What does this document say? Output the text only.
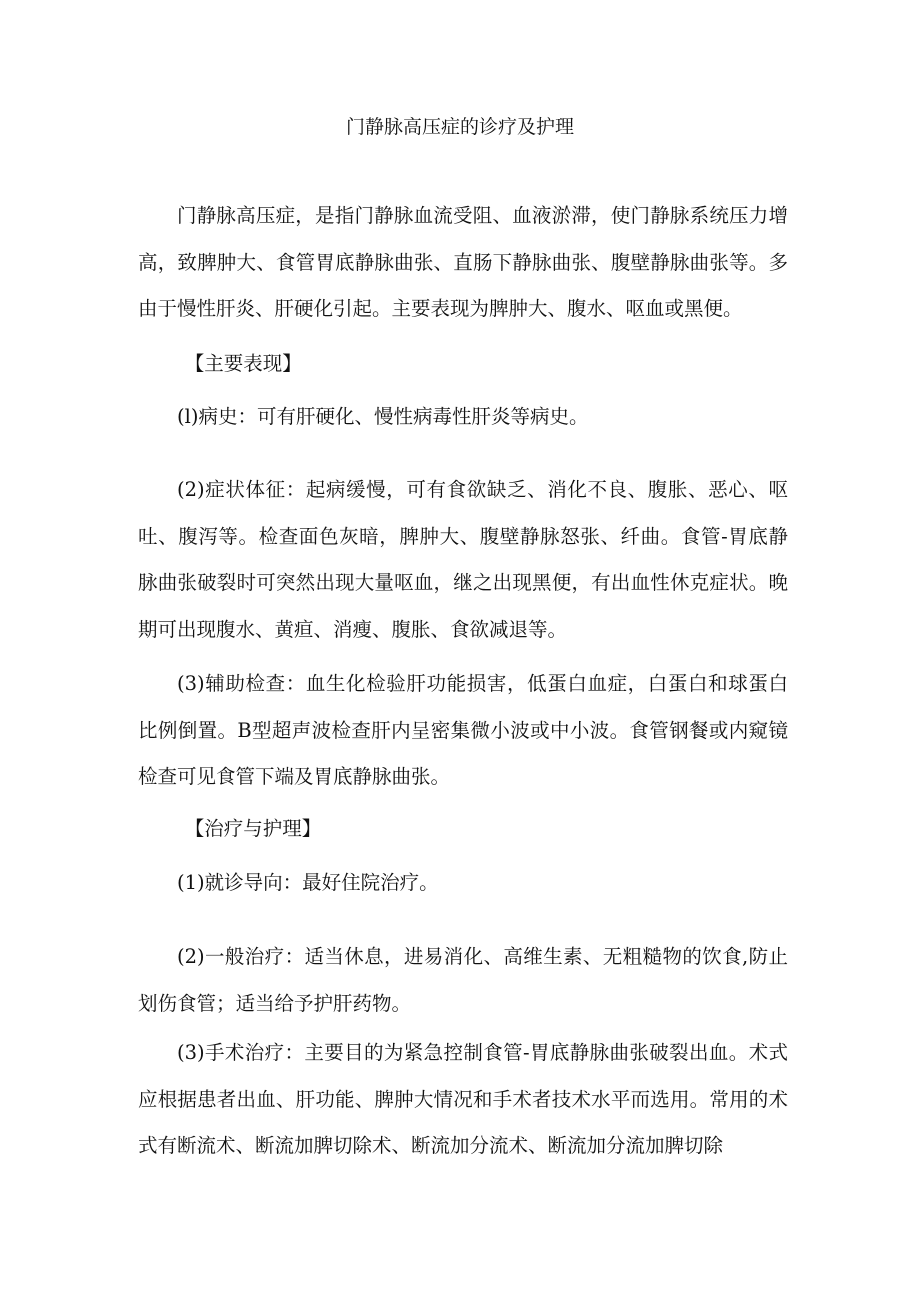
门静脉高压症的诊疗及护理

门静脉高压症，是指门静脉血流受阻、血液淤滞，使门静脉系统压力增高，致脾肿大、食管胃底静脉曲张、直肠下静脉曲张、腹壁静脉曲张等。多由于慢性肝炎、肝硬化引起。主要表现为脾肿大、腹水、呕血或黑便。

【主要表现】

(l)病史：可有肝硬化、慢性病毒性肝炎等病史。

(2)症状体征：起病缓慢，可有食欲缺乏、消化不良、腹胀、恶心、呕吐、腹泻等。检查面色灰暗，脾肿大、腹壁静脉怒张、纤曲。食管-胃底静脉曲张破裂时可突然出现大量呕血，继之出现黑便，有出血性休克症状。晚期可出现腹水、黄疸、消瘦、腹胀、食欲减退等。

(3)辅助检查：血生化检验肝功能损害，低蛋白血症，白蛋白和球蛋白比例倒置。B型超声波检查肝内呈密集微小波或中小波。食管钢餐或内窥镜检查可见食管下端及胃底静脉曲张。

【治疗与护理】

(1)就诊导向：最好住院治疗。

(2)一般治疗：适当休息，进易消化、高维生素、无粗糙物的饮食,防止划伤食管；适当给予护肝药物。

(3)手术治疗：主要目的为紧急控制食管-胃底静脉曲张破裂出血。术式应根据患者出血、肝功能、脾肿大情况和手术者技术水平而选用。常用的术式有断流术、断流加脾切除术、断流加分流术、断流加分流加脾切除
